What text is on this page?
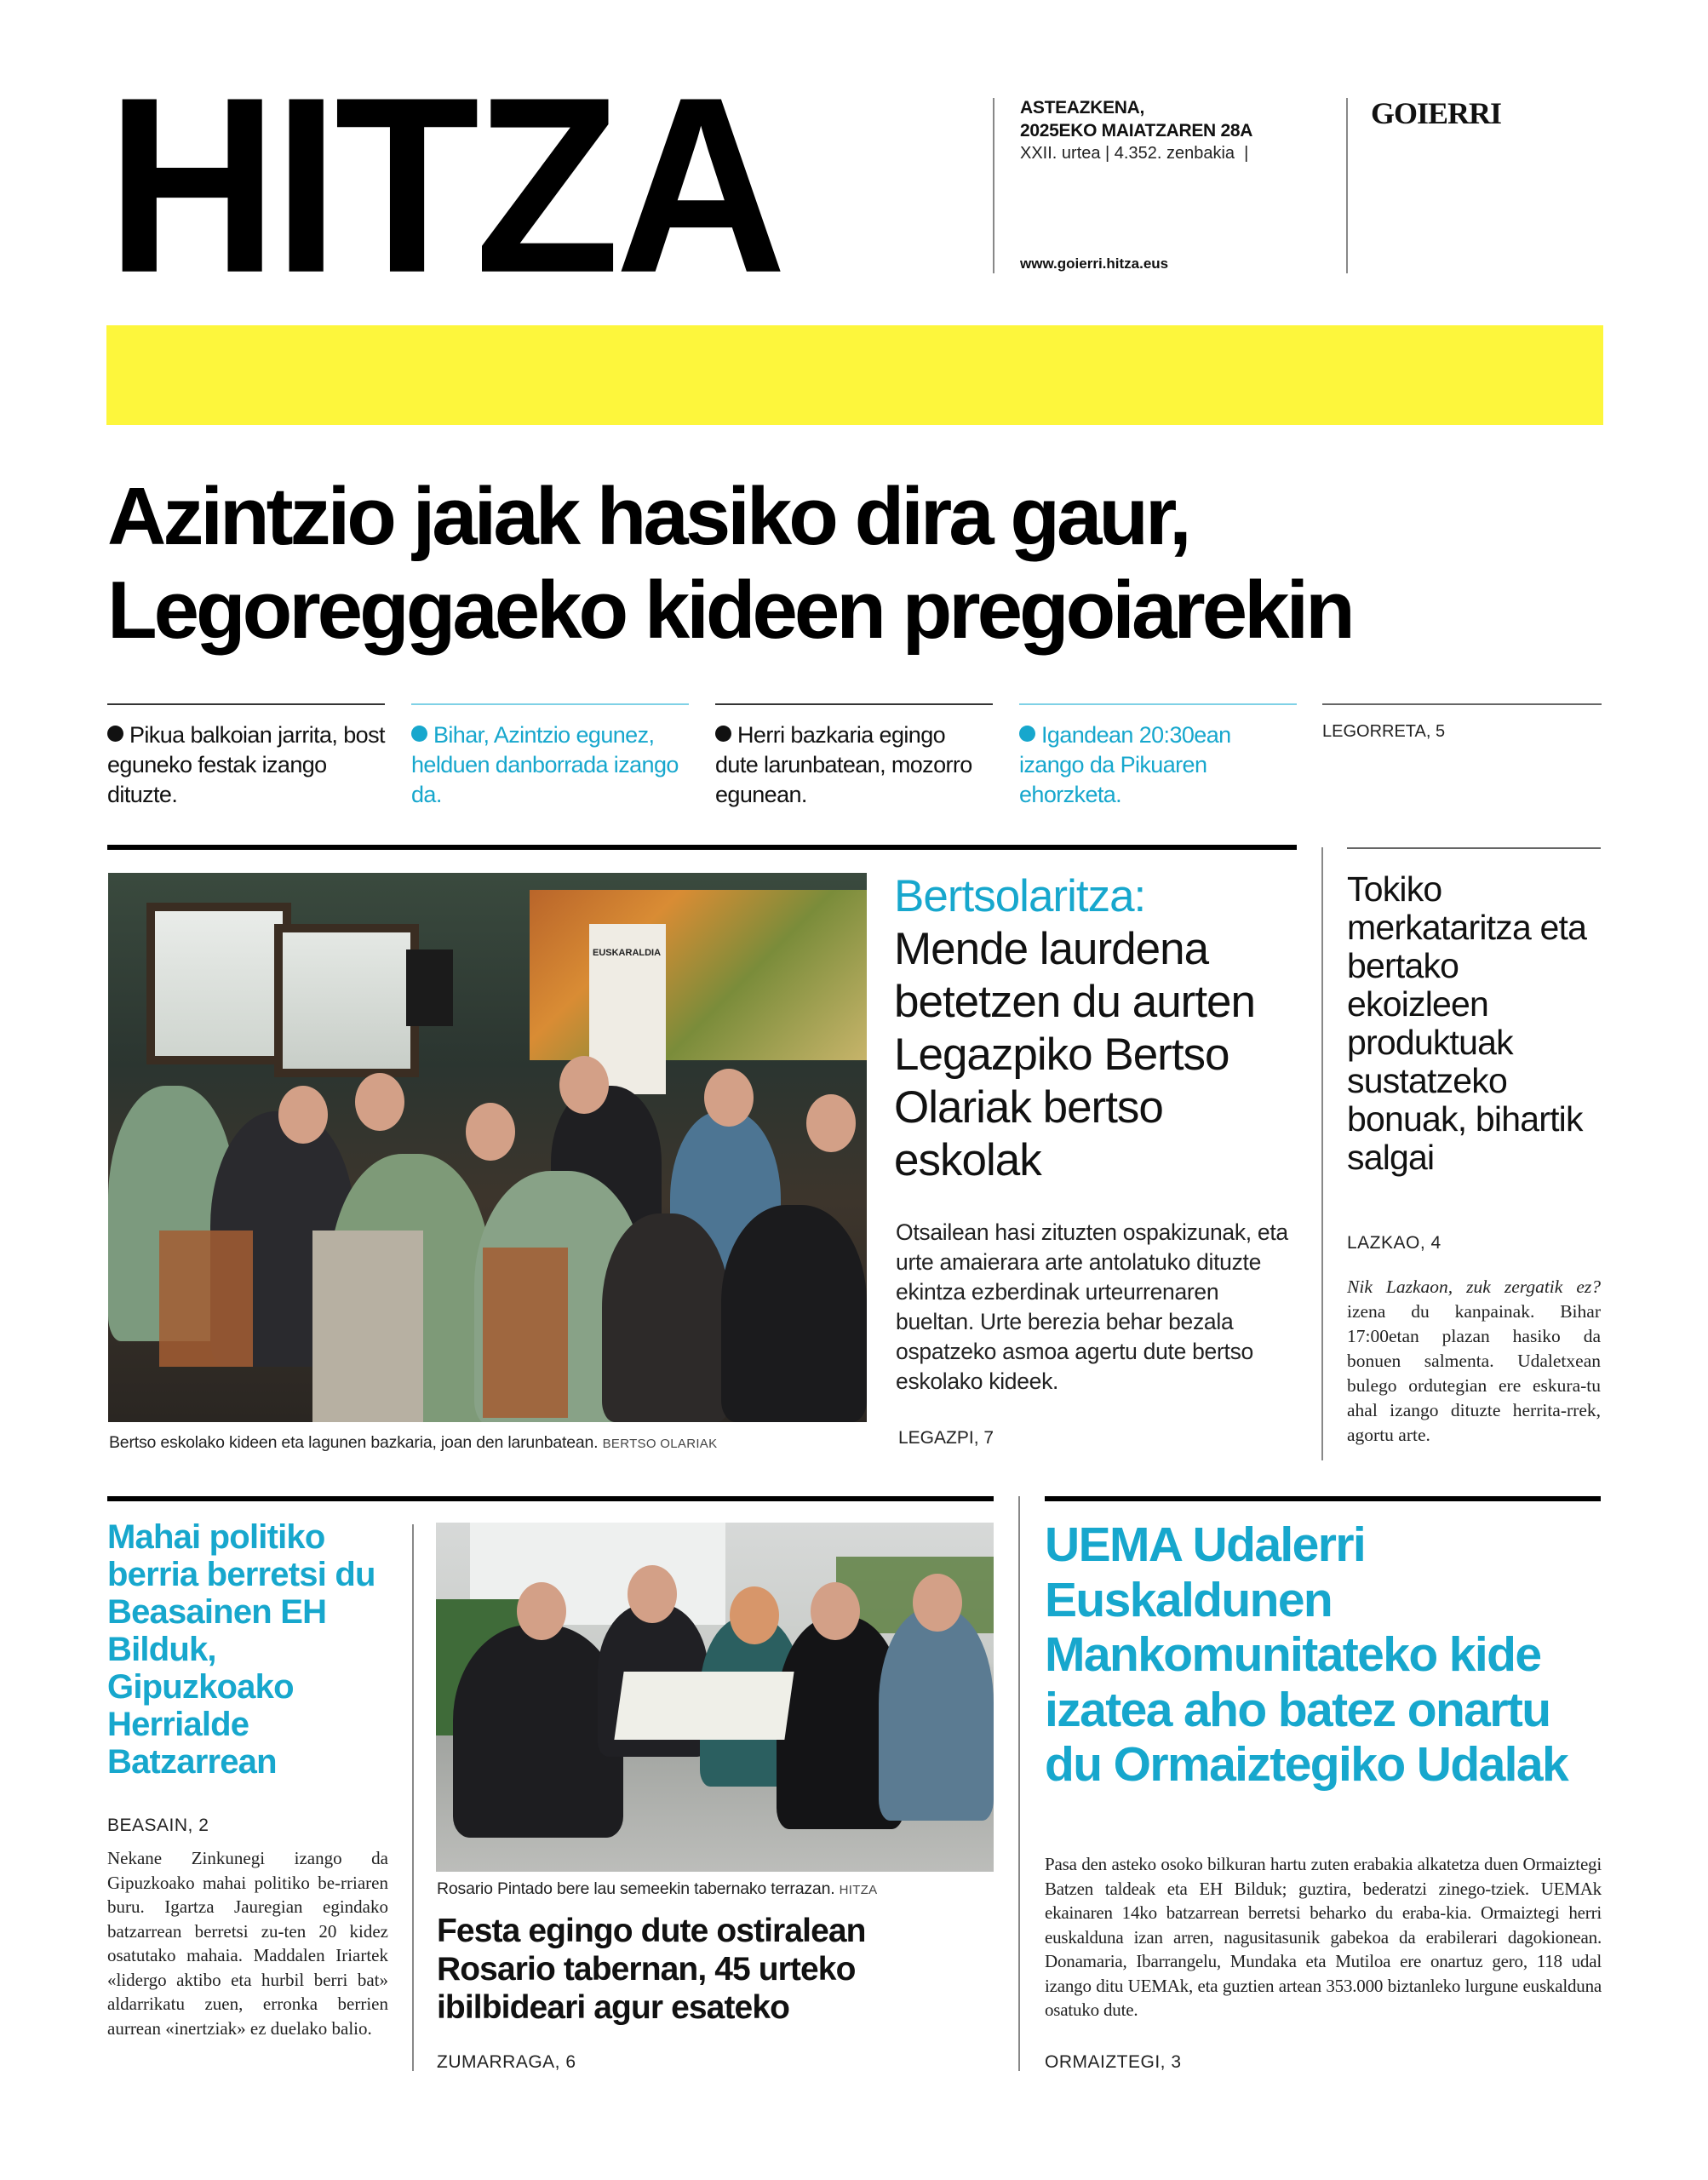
HITZA	ASTEAZKENA,
2025EKO MAIATZAREN 28A
XXII. urtea | 4.352. zenbakia  |
www.goierri.hitza.eus
GOIERRI
Azintzio jaiak hasiko dira gaur,
Legoreggaeko kideen pregoiarekin
Pikua balkoian jarrita, bost eguneko festak izango dituzte.
Bihar, Azintzio egunez, helduen danborrada izango da.
Herri bazkaria egingo dute larunbatean, mozorro egunean.
Igandean 20:30ean izango da Pikuaren ehorzketa.
LEGORRETA, 5
EUSKARALDIA
Bertso eskolako kideen eta lagunen bazkaria, joan den larunbatean. BERTSO OLARIAK
Bertsolaritza:
Mende laurdena betetzen du aurten Legazpiko Bertso Olariak bertso eskolak
Otsailean hasi zituzten ospakizunak, eta urte amaierara arte antolatuko dituzte ekintza ezberdinak urteurrenaren bueltan. Urte berezia behar bezala ospatzeko asmoa agertu dute bertso eskolako kideek.
LEGAZPI, 7
Tokiko merkataritza eta bertako ekoizleen produktuak sustatzeko bonuak, bihartik salgai
LAZKAO, 4
Nik Lazkaon, zuk zergatik ez? izena du kanpainak. Bihar 17:00etan plazan hasiko da bonuen salmenta. Udaletxean bulego ordutegian ere eskura-tu ahal izango dituzte herrita-rrek, agortu arte.
Mahai politiko berria berretsi du Beasainen EH Bilduk, Gipuzkoako Herrialde Batzarrean
BEASAIN, 2
Nekane Zinkunegi izango da Gipuzkoako mahai politiko be-rriaren buru. Igartza Jauregian egindako batzarrean berretsi zu-ten 20 kidez osatutako mahaia. Maddalen Iriartek «lidergo aktibo eta hurbil berri bat» aldarrikatu zuen, erronka berrien aurrean «inertziak» ez duelako balio.
Rosario Pintado bere lau semeekin tabernako terrazan. HITZA
Festa egingo dute ostiralean Rosario tabernan, 45 urteko ibilbideari agur esateko
ZUMARRAGA, 6
UEMA Udalerri Euskaldunen Mankomunitateko kide izatea aho batez onartu du Ormaiztegiko Udalak
Pasa den asteko osoko bilkuran hartu zuten erabakia alkatetza duen Ormaiztegi Batzen taldeak eta EH Bilduk; guztira, bederatzi zinego-tziek. UEMAk ekainaren 14ko batzarrean berretsi beharko du eraba-kia. Ormaiztegi herri euskalduna izan arren, nagusitasunik gabekoa da erabilerari dagokionean. Donamaria, Ibarrangelu, Mundaka eta Mutiloa ere onartuz gero, 118 udal izango ditu UEMAk, eta guztien artean 353.000 biztanleko lurgune euskalduna osatuko dute.
ORMAIZTEGI, 3
